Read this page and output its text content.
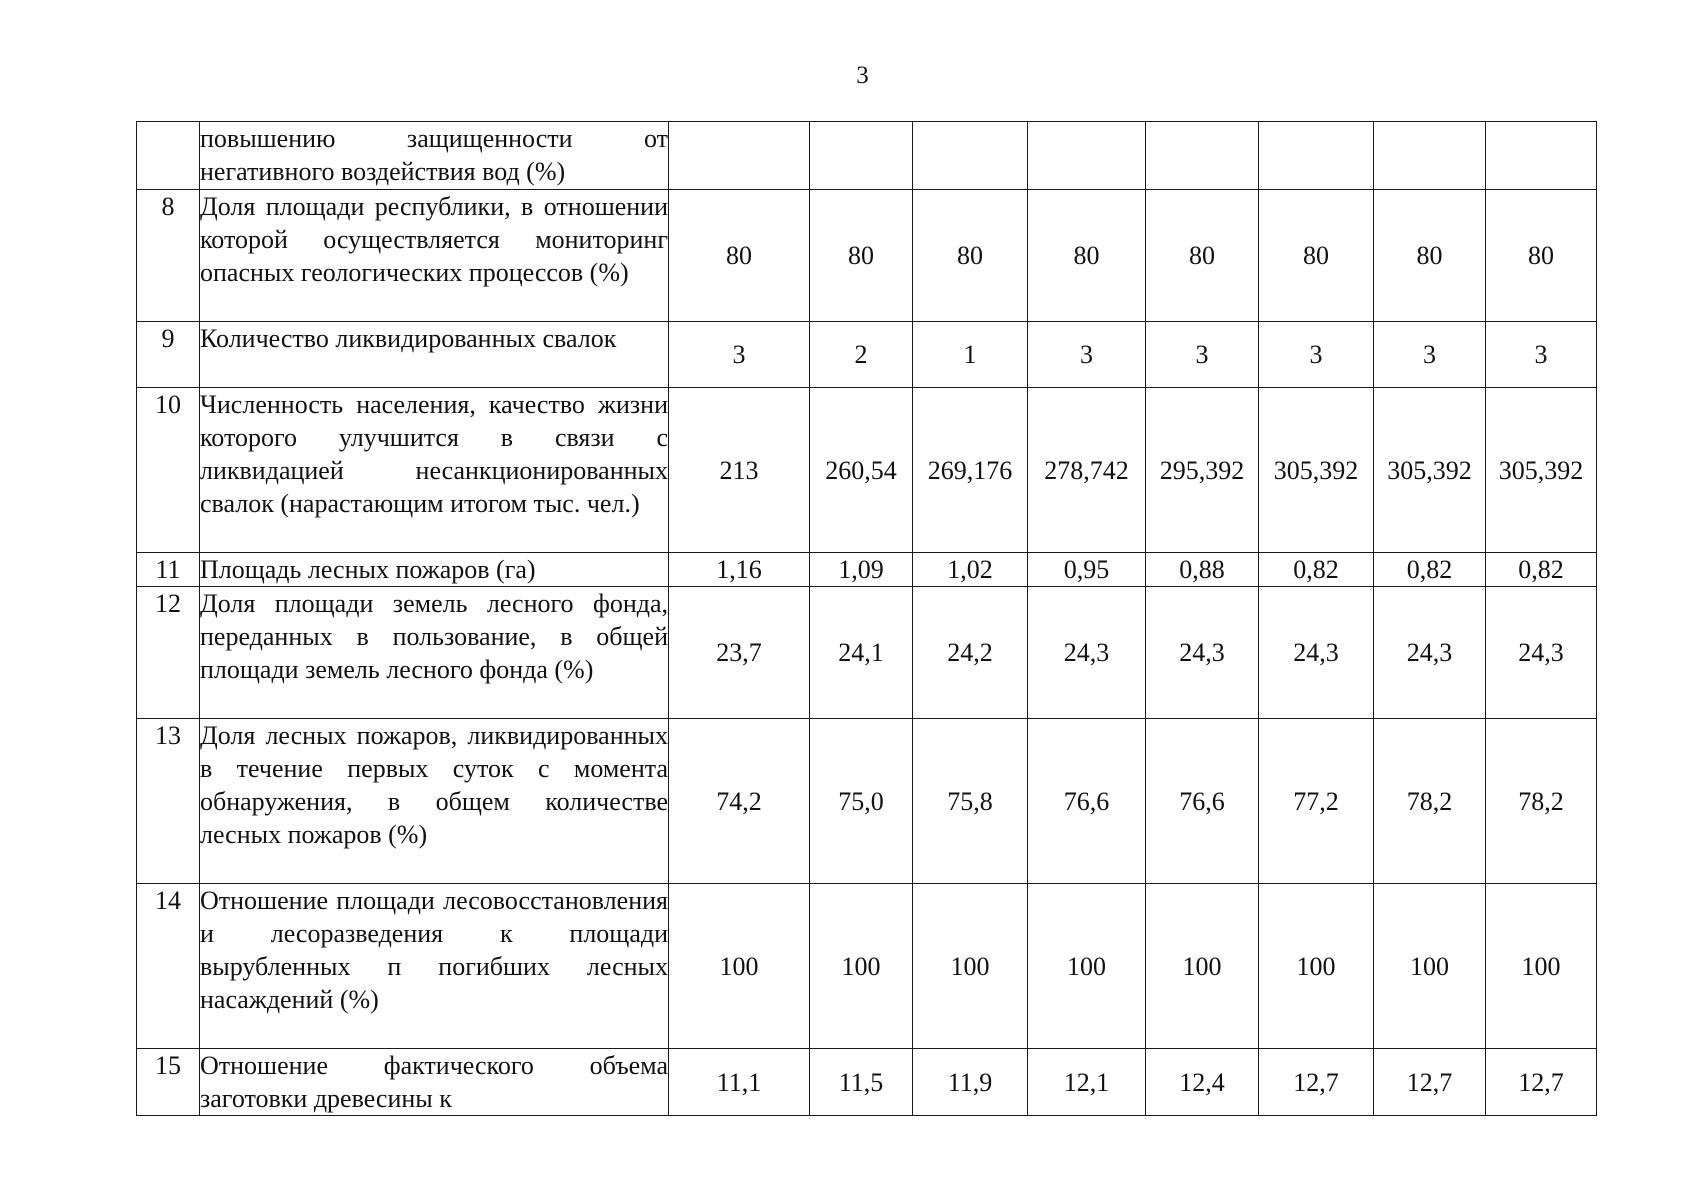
3
	повышению защищенности от негативного воздействия вод (%)								
8	Доля площади республики, в отношении которой осуществляется мониторинг опасных геологических процессов (%)	80	80	80	80	80	80	80	80
9	Количество ликвидированных свалок	3	2	1	3	3	3	3	3
10	Численность населения, качество жизни которого улучшится в связи с ликвидацией несанкционированных свалок (нарастающим итогом тыс. чел.)	213	260,54	269,176	278,742	295,392	305,392	305,392	305,392
11	Площадь лесных пожаров (га)	1,16	1,09	1,02	0,95	0,88	0,82	0,82	0,82
12	Доля площади земель лесного фонда, переданных в пользование, в общей площади земель лесного фонда (%)	23,7	24,1	24,2	24,3	24,3	24,3	24,3	24,3
13	Доля лесных пожаров, ликвидированных в течение первых суток с момента обнаружения, в общем количестве лесных пожаров (%)	74,2	75,0	75,8	76,6	76,6	77,2	78,2	78,2
14	Отношение площади лесовосстановления и лесоразведения к площади вырубленных п погибших лесных насаждений (%)	100	100	100	100	100	100	100	100
15	Отношение фактического объема заготовки древесины к	11,1	11,5	11,9	12,1	12,4	12,7	12,7	12,7
